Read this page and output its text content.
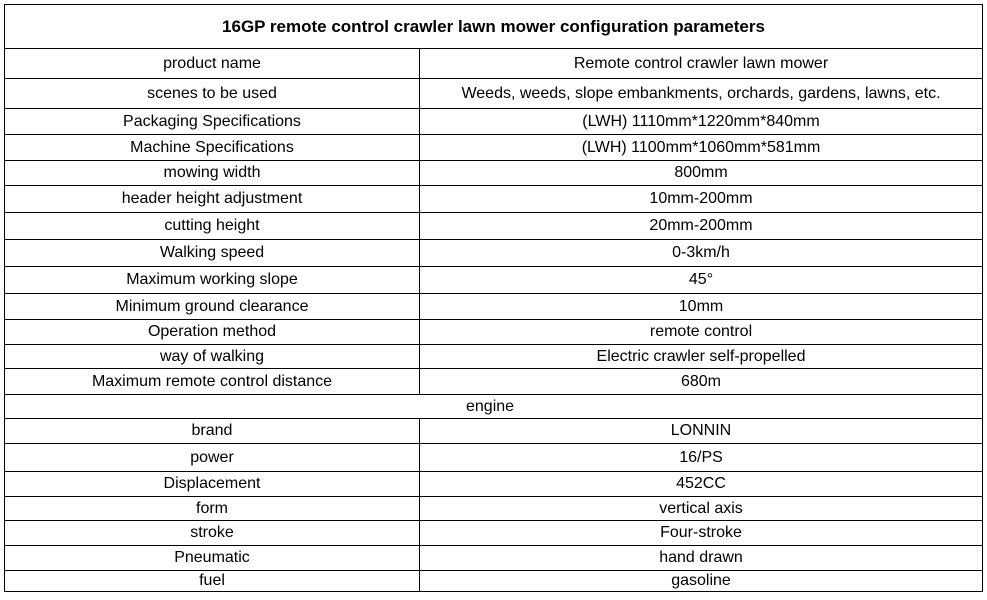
16GP remote control crawler lawn mower configuration parameters	
product name	Remote control crawler lawn mower
scenes to be used	Weeds, weeds, slope embankments, orchards, gardens, lawns, etc.
Packaging Specifications	(LWH) 1110mm*1220mm*840mm
Machine Specifications	(LWH) 1100mm*1060mm*581mm
mowing width	800mm
header height adjustment	10mm-200mm
cutting height	20mm-200mm
Walking speed	0-3km/h
Maximum working slope	45°
Minimum ground clearance	10mm
Operation method	remote control
way of walking	Electric crawler self-propelled
Maximum remote control distance	680m
engine	
brand	LONNIN
power	16/PS
Displacement	452CC
form	vertical axis
stroke	Four-stroke
Pneumatic	hand drawn
fuel	gasoline
